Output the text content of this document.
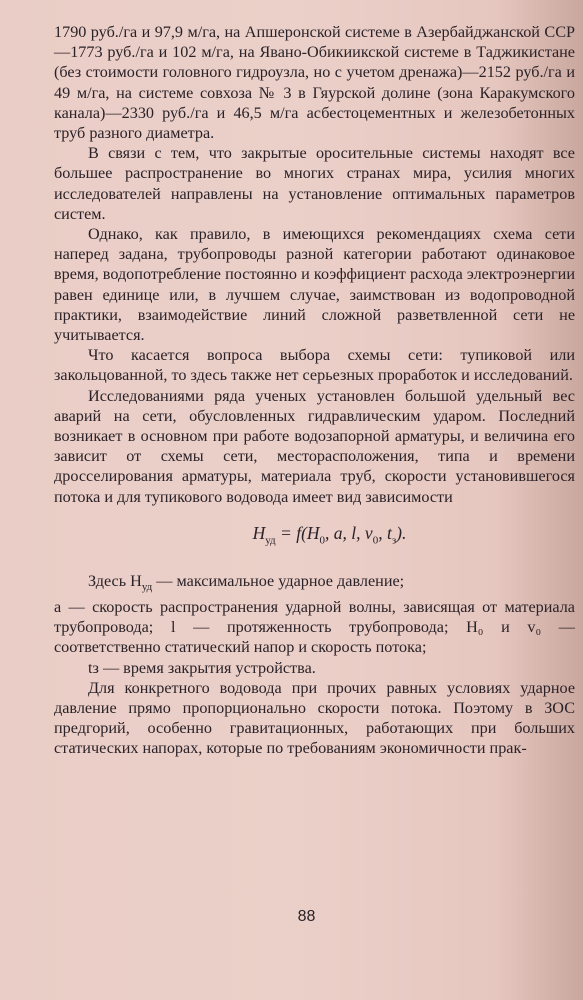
1790 руб./га и 97,9 м/га, на Апшеронской системе в Азербайджанской ССР —1773 руб./га и 102 м/га, на Явано-Обикиикской системе в Таджикистане (без стоимости головного гидроузла, но с учетом дренажа)—2152 руб./га и 49 м/га, на системе совхоза № 3 в Гяурской долине (зона Каракумского канала)—2330 руб./га и 46,5 м/га асбестоцементных и железобетонных труб разного диаметра.

В связи с тем, что закрытые оросительные системы находят все большее распространение во многих странах мира, усилия многих исследователей направлены на установление оптимальных параметров систем.

Однако, как правило, в имеющихся рекомендациях схема сети наперед задана, трубопроводы разной категории работают одинаковое время, водопотребление постоянно и коэффициент расхода электроэнергии равен единице или, в лучшем случае, заимствован из водопроводной практики, взаимодействие линий сложной разветвленной сети не учитывается.

Что касается вопроса выбора схемы сети: тупиковой или закольцованной, то здесь также нет серьезных проработок и исследований.

Исследованиями ряда ученых установлен большой удельный вес аварий на сети, обусловленных гидравлическим ударом. Последний возникает в основном при работе водозапорной арматуры, и величина его зависит от схемы сети, месторасположения, типа и времени дросселирования арматуры, материала труб, скорости установившегося потока и для тупикового водовода имеет вид зависимости

$H_{уд} = f(H_0$, a, l, $v_0$, $t_з$).

Здесь $H_{уд}$ — максимальное ударное давление;

a — скорость распространения ударной волны, зависящая от материала трубопровода; l — протяженность трубопровода; H₀ и v₀ — соответственно статический напор и скорость потока;

tз — время закрытия устройства.

Для конкретного водовода при прочих равных условиях ударное давление прямо пропорционально скорости потока. Поэтому в ЗОС предгорий, особенно гравитационных, работающих при больших статических напорах, которые по требованиям экономичности прак-

88
